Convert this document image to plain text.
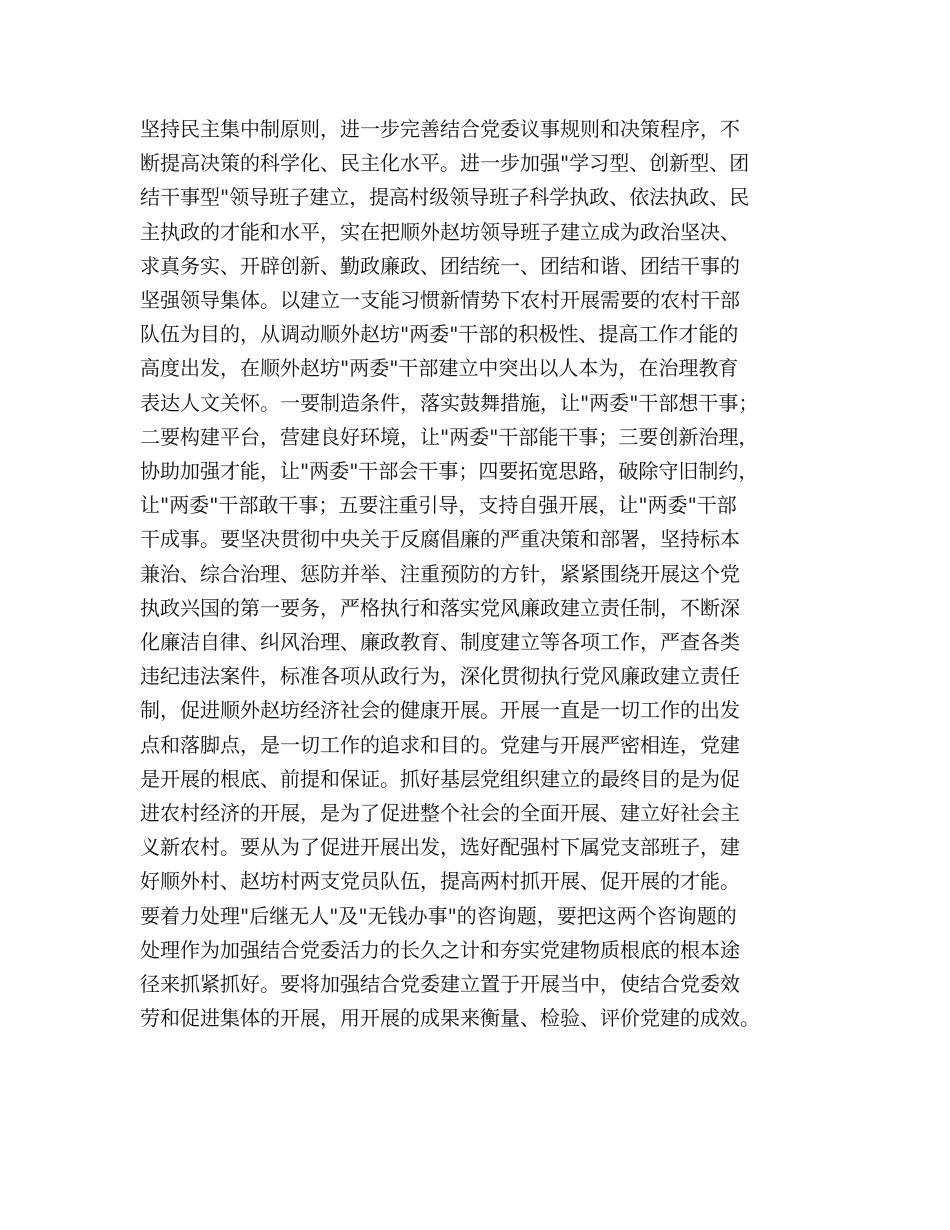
坚持民主集中制原则，进一步完善结合党委议事规则和决策程序，不
断提高决策的科学化、民主化水平。进一步加强"学习型、创新型、团
结干事型"领导班子建立，提高村级领导班子科学执政、依法执政、民
主执政的才能和水平，实在把顺外赵坊领导班子建立成为政治坚决、
求真务实、开辟创新、勤政廉政、团结统一、团结和谐、团结干事的
坚强领导集体。以建立一支能习惯新情势下农村开展需要的农村干部
队伍为目的，从调动顺外赵坊"两委"干部的积极性、提高工作才能的
高度出发，在顺外赵坊"两委"干部建立中突出以人本为，在治理教育
表达人文关怀。一要制造条件，落实鼓舞措施，让"两委"干部想干事；
二要构建平台，营建良好环境，让"两委"干部能干事；三要创新治理，
协助加强才能，让"两委"干部会干事；四要拓宽思路，破除守旧制约，
让"两委"干部敢干事；五要注重引导，支持自强开展，让"两委"干部
干成事。要坚决贯彻中央关于反腐倡廉的严重决策和部署，坚持标本
兼治、综合治理、惩防并举、注重预防的方针，紧紧围绕开展这个党
执政兴国的第一要务，严格执行和落实党风廉政建立责任制，不断深
化廉洁自律、纠风治理、廉政教育、制度建立等各项工作，严查各类
违纪违法案件，标准各项从政行为，深化贯彻执行党风廉政建立责任
制，促进顺外赵坊经济社会的健康开展。开展一直是一切工作的出发
点和落脚点，是一切工作的追求和目的。党建与开展严密相连，党建
是开展的根底、前提和保证。抓好基层党组织建立的最终目的是为促
进农村经济的开展，是为了促进整个社会的全面开展、建立好社会主
义新农村。要从为了促进开展出发，选好配强村下属党支部班子，建
好顺外村、赵坊村两支党员队伍，提高两村抓开展、促开展的才能。
要着力处理"后继无人"及"无钱办事"的咨询题，要把这两个咨询题的
处理作为加强结合党委活力的长久之计和夯实党建物质根底的根本途
径来抓紧抓好。要将加强结合党委建立置于开展当中，使结合党委效
劳和促进集体的开展，用开展的成果来衡量、检验、评价党建的成效。
